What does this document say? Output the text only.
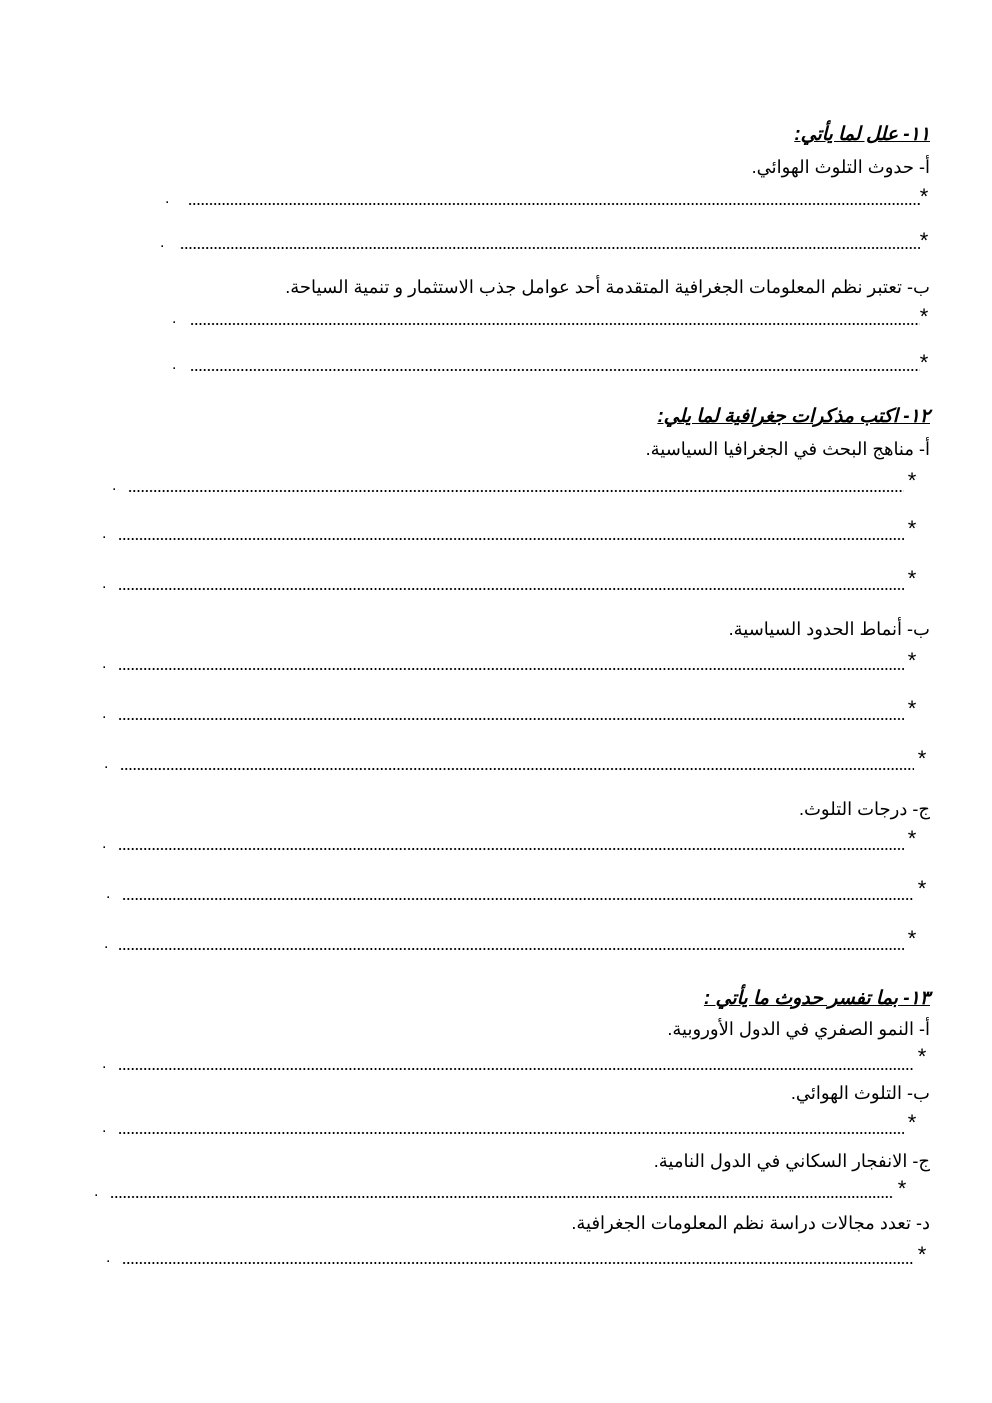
١١- علل لما يأتي:
أ- حدوث التلوث الهوائي.
ب- تعتبر نظم المعلومات الجغرافية المتقدمة أحد عوامل جذب الاستثمار و تنمية السياحة.
١٢- اكتب مذكرات جغرافية لما يلي:
أ- مناهج البحث في الجغرافيا السياسية.
ب- أنماط الحدود السياسية.
ج- درجات التلوث.
١٣- بما تفسر حدوث ما يأتي :
أ- النمو الصفري في الدول الأوروبية.
ب- التلوث الهوائي.
ج- الانفجار السكاني في الدول النامية.
د- تعدد مجالات دراسة نظم المعلومات الجغرافية.
*
.
*
.
*
.
*
.
*
.
*
.
*
.
*
.
*
.
*
.
*
.
*
.
*
.
*
.
*
.
*
.
*
.
